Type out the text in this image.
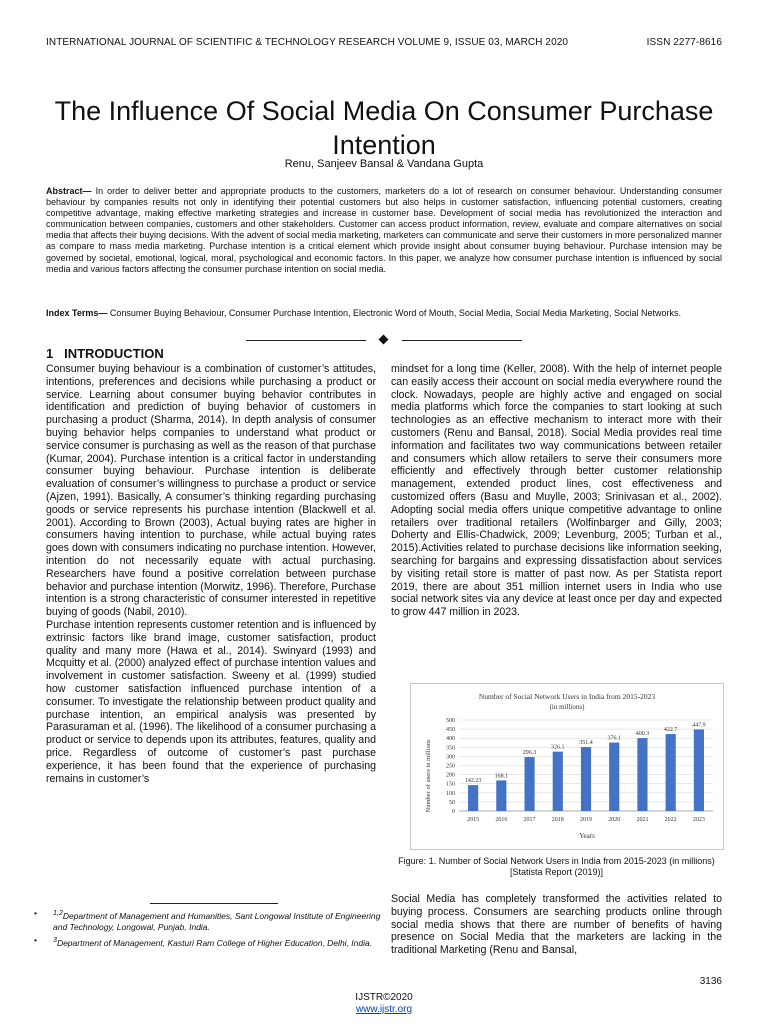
INTERNATIONAL JOURNAL OF SCIENTIFIC & TECHNOLOGY RESEARCH VOLUME 9, ISSUE 03, MARCH 2020	ISSN 2277-8616
The Influence Of Social Media On Consumer Purchase Intention
Renu, Sanjeev Bansal & Vandana Gupta
Abstract— In order to deliver better and appropriate products to the customers, marketers do a lot of research on consumer behaviour. Understanding consumer behaviour by companies results not only in identifying their potential customers but also helps in customer satisfaction, influencing potential customers, creating competitive advantage, making effective marketing strategies and increase in customer base. Development of social media has revolutionized the interaction and communication between companies, customers and other stakeholders. Customer can access product information, review, evaluate and compare alternatives on social media that affects their buying decisions. With the advent of social media marketing, marketers can communicate and serve their customers in more personalized manner as compare to mass media marketing. Purchase intention is a critical element which provide insight about consumer buying behaviour. Purchase intension may be governed by societal, emotional, logical, moral, psychological and economic factors. In this paper, we analyze how consumer purchase intention is influenced by social media and various factors affecting the consumer purchase intention on social media.
Index Terms— Consumer Buying Behaviour, Consumer Purchase Intention, Electronic Word of Mouth, Social Media, Social Media Marketing, Social Networks.
1 INTRODUCTION

Consumer buying behaviour is a combination of customer’s attitudes, intentions, preferences and decisions while purchasing a product or service. Learning about consumer buying behavior contributes in identification and prediction of buying behavior of customers in purchasing a product (Sharma, 2014). In depth analysis of consumer buying behavior helps companies to understand what product or service consumer is purchasing as well as the reason of that purchase (Kumar, 2004). Purchase intention is a critical factor in understanding consumer buying behaviour. Purchase intention is deliberate evaluation of consumer’s willingness to purchase a product or service (Ajzen, 1991). Basically, A consumer’s thinking regarding purchasing goods or service represents his purchase intention (Blackwell et al. 2001). According to Brown (2003), Actual buying rates are higher in consumers having intention to purchase, while actual buying rates goes down with consumers indicating no purchase intention. However, intention do not necessarily equate with actual purchasing. Researchers have found a positive correlation between purchase behavior and purchase intention (Morwitz, 1996). Therefore, Purchase intention is a strong characteristic of consumer interested in repetitive buying of goods (Nabil, 2010).

Purchase intention represents customer retention and is influenced by extrinsic factors like brand image, customer satisfaction, product quality and many more (Hawa et al., 2014). Swinyard (1993) and Mcquitty et al. (2000) analyzed effect of purchase intention values and involvement in customer satisfaction. Sweeny et al. (1999) studied how customer satisfaction influenced purchase intention of a consumer. To investigate the relationship between product quality and purchase intention, an empirical analysis was presented by Parasuraman et al. (1996). The likelihood of a consumer purchasing a product or service to depends upon its attributes, features, quality and price. Regardless of outcome of customer’s past purchase experience, it has been found that the experience of purchasing remains in customer’s

mindset for a long time (Keller, 2008). With the help of internet people can easily access their account on social media everywhere round the clock. Nowadays, people are highly active and engaged on social media platforms which force the companies to start looking at such technologies as an effective mechanism to interact more with their customers (Renu and Bansal, 2018). Social Media provides real time information and facilitates two way communications between retailer and consumers which allow retailers to serve their consumers more efficiently and effectively through better customer relationship management, extended product lines, cost effectiveness and customized offers (Basu and Muylle, 2003; Srinivasan et al., 2002). Adopting social media offers unique competitive advantage to online retailers over traditional retailers (Wolfinbarger and Gilly, 2003; Doherty and Ellis-Chadwick, 2009; Levenburg, 2005; Turban et al., 2015).Activities related to purchase decisions like information seeking, searching for bargains and expressing dissatisfaction about services by visiting retail store is matter of past now. As per Statista report 2019, there are about 351 million internet users in India who use social network sites via any device at least once per day and expected to grow 447 million in 2023.

Number of Social Network Users in India from 2015-2023
(in millions)
Number of users in millions
Years
0
50
100
150
200
250
300
350
400
450
500
2015	2016	2017	2018	2019	2020	2021	2022	2023
142.23
168.1
296.3
326.1
351.4
376.1
400.3
422.7
447.9
Figure: 1. Number of Social Network Users in India from 2015-2023 (in millions) [Statista Report (2019)]

Social Media has completely transformed the activities related to buying process. Consumers are searching products online through social media shows that there are number of benefits of having presence on Social Media that the marketers are lacking in the traditional Marketing (Renu and Bansal,

• $^{1,2}$Department of Management and Humanities, Sant Longowal Institute of Engineering and Technology, Longowal, Punjab, India.
• $^3$Department of Management, Kasturi Ram College of Higher Education, Delhi, India.
3136
IJSTR©2020
www.ijstr.org
